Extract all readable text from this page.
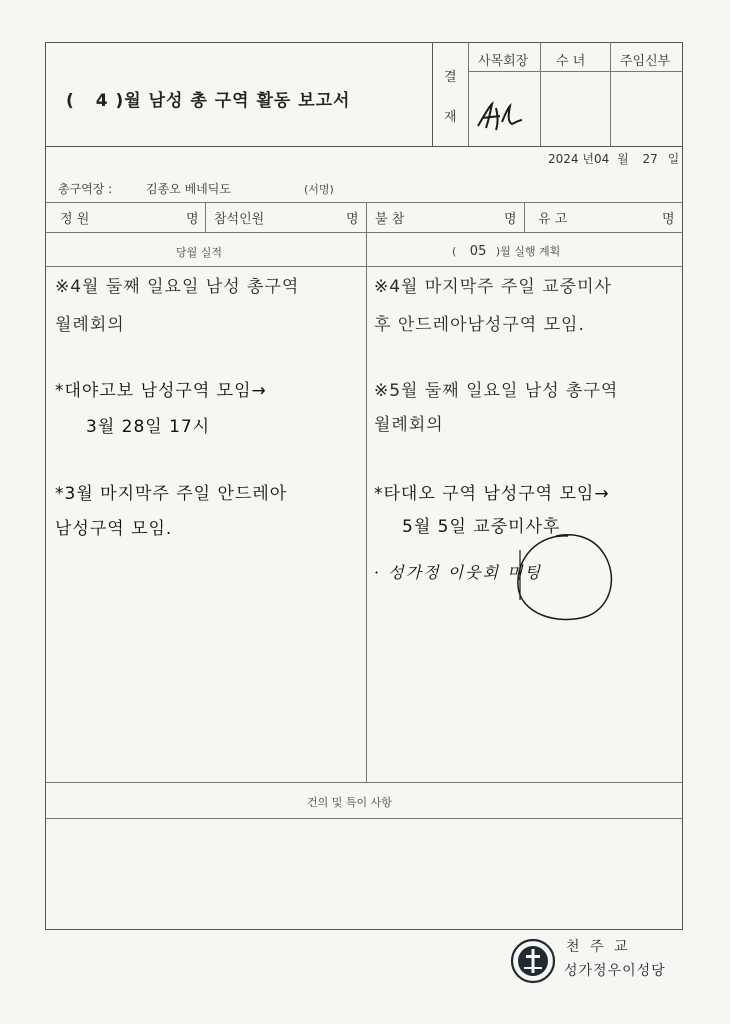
( 4 )월 남성 총 구역 활동 보고서
결
재
사목회장 수 녀	주임신부
2024 년04 월 27 일
총구역장 :	김종오 베네딕도	(서명)
정 원	명 참석인원	명 불 참	명 유 고	명
당월 실적	( 05 )월 실행 계획
※4월 둘째 일요일 남성 총구역
월례회의
*대야고보 남성구역 모임→
3월 28일 17시
*3월 마지막주 주일 안드레아
남성구역 모임.
※4월 마지막주 주일 교중미사
후 안드레아남성구역 모임.
※5월 둘째 일요일 남성 총구역
월례회의
*타대오 구역 남성구역 모임→
5월 5일 교중미사후
· 성가정 이웃회 미팅
건의 및 특이 사항
천 주 교
성가정우이성당
